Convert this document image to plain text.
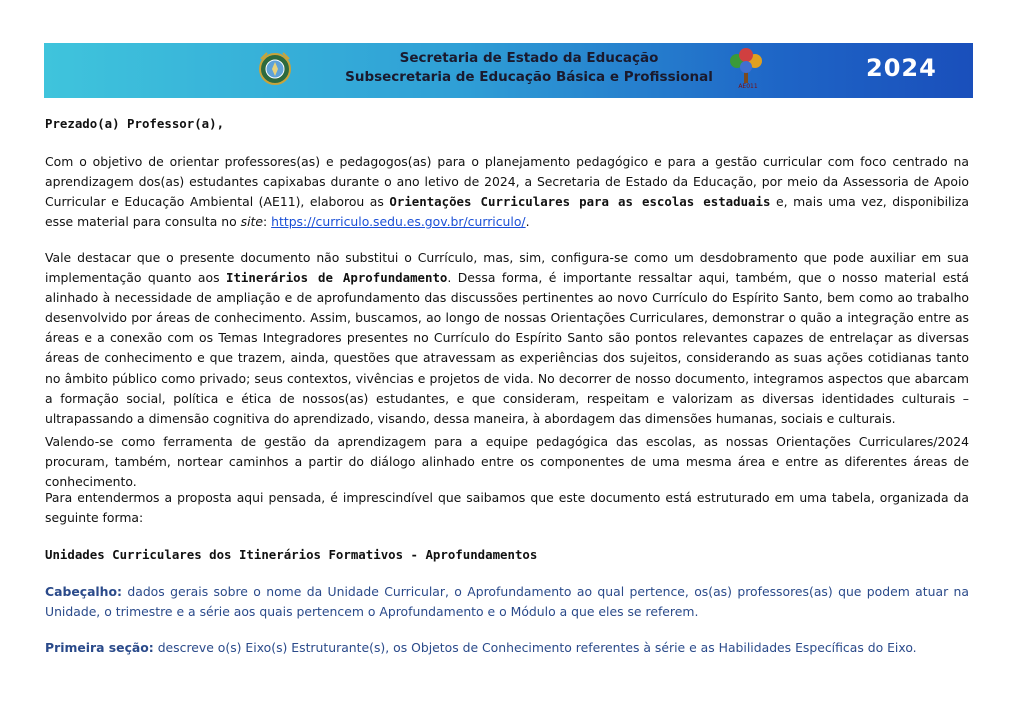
Secretaria de Estado da Educação
Subsecretaria de Educação Básica e Profissional
AE011
2024

Prezado(a) Professor(a),

Com o objetivo de orientar professores(as) e pedagogos(as) para o planejamento pedagógico e para a gestão curricular com foco centrado na aprendizagem dos(as) estudantes capixabas durante o ano letivo de 2024, a Secretaria de Estado da Educação, por meio da Assessoria de Apoio Curricular e Educação Ambiental (AE11), elaborou as Orientações Curriculares para as escolas estaduais e, mais uma vez, disponibiliza esse material para consulta no site: https://curriculo.sedu.es.gov.br/curriculo/.

Vale destacar que o presente documento não substitui o Currículo, mas, sim, configura-se como um desdobramento que pode auxiliar em sua implementação quanto aos Itinerários de Aprofundamento. Dessa forma, é importante ressaltar aqui, também, que o nosso material está alinhado à necessidade de ampliação e de aprofundamento das discussões pertinentes ao novo Currículo do Espírito Santo, bem como ao trabalho desenvolvido por áreas de conhecimento. Assim, buscamos, ao longo de nossas Orientações Curriculares, demonstrar o quão a integração entre as áreas e a conexão com os Temas Integradores presentes no Currículo do Espírito Santo são pontos relevantes capazes de entrelaçar as diversas áreas de conhecimento e que trazem, ainda, questões que atravessam as experiências dos sujeitos, considerando as suas ações cotidianas tanto no âmbito público como privado; seus contextos, vivências e projetos de vida. No decorrer de nosso documento, integramos aspectos que abarcam a formação social, política e ética de nossos(as) estudantes, e que consideram, respeitam e valorizam as diversas identidades culturais – ultrapassando a dimensão cognitiva do aprendizado, visando, dessa maneira, à abordagem das dimensões humanas, sociais e culturais.

Valendo-se como ferramenta de gestão da aprendizagem para a equipe pedagógica das escolas, as nossas Orientações Curriculares/2024 procuram, também, nortear caminhos a partir do diálogo alinhado entre os componentes de uma mesma área e entre as diferentes áreas de conhecimento.

Para entendermos a proposta aqui pensada, é imprescindível que saibamos que este documento está estruturado em uma tabela, organizada da seguinte forma:

Unidades Curriculares dos Itinerários Formativos - Aprofundamentos

Cabeçalho: dados gerais sobre o nome da Unidade Curricular, o Aprofundamento ao qual pertence, os(as) professores(as) que podem atuar na Unidade, o trimestre e a série aos quais pertencem o Aprofundamento e o Módulo a que eles se referem.

Primeira seção: descreve o(s) Eixo(s) Estruturante(s), os Objetos de Conhecimento referentes à série e as Habilidades Específicas do Eixo.
